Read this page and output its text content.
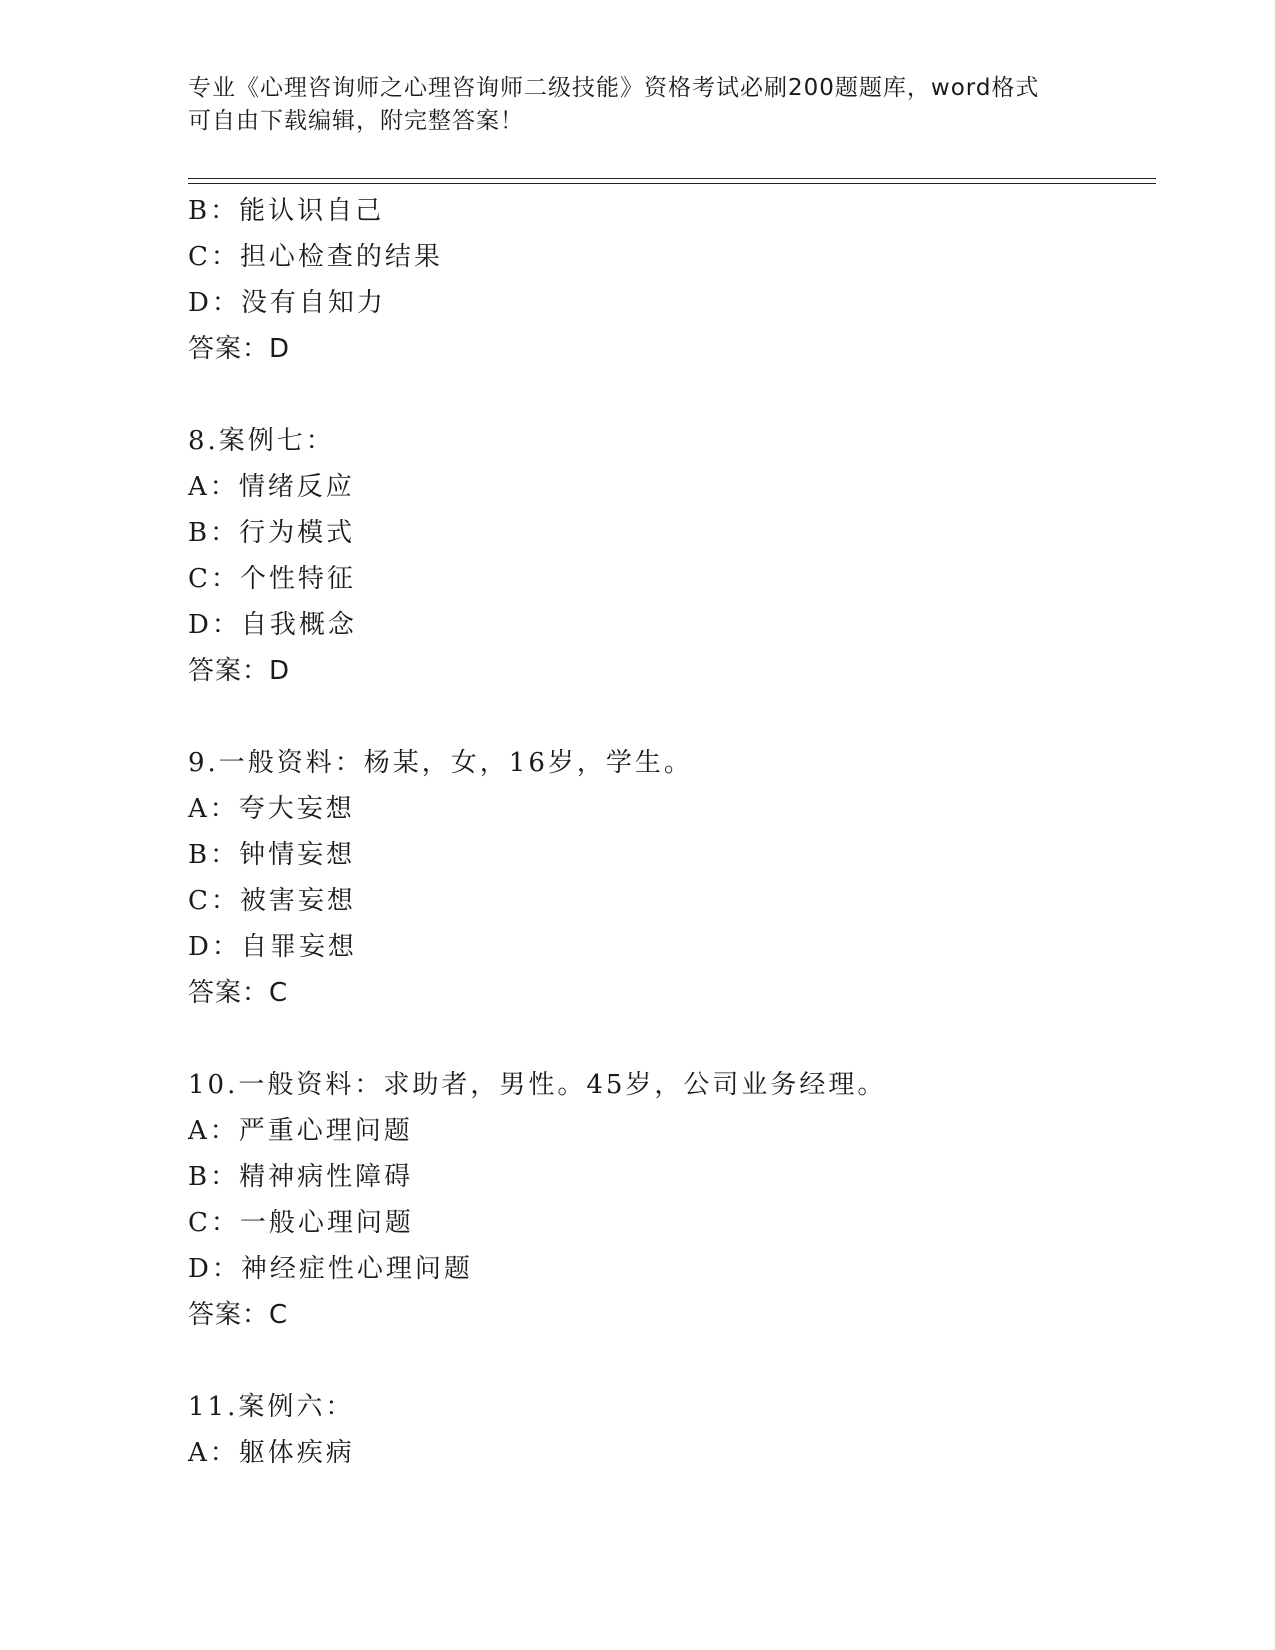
专业《心理咨询师之心理咨询师二级技能》资格考试必刷200题题库，word格式
可自由下载编辑，附完整答案！
B：能认识自己
C：担心检查的结果
D：没有自知力
答案：D
8.案例七：
A：情绪反应
B：行为模式
C：个性特征
D：自我概念
答案：D
9.一般资料：杨某，女，16岁，学生。
A：夸大妄想
B：钟情妄想
C：被害妄想
D：自罪妄想
答案：C
10.一般资料：求助者，男性。45岁，公司业务经理。
A：严重心理问题
B：精神病性障碍
C：一般心理问题
D：神经症性心理问题
答案：C
11.案例六：
A：躯体疾病
